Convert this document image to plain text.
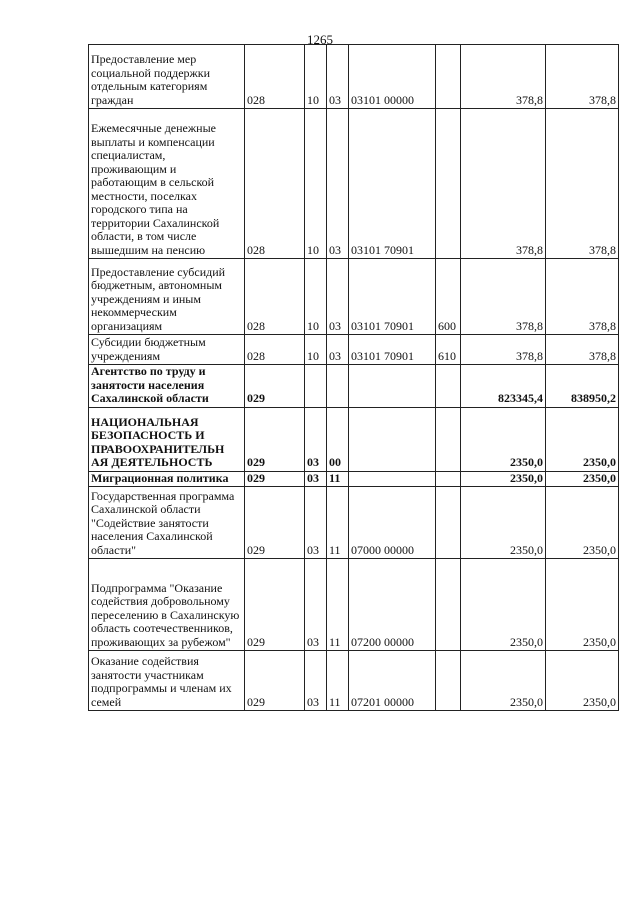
1265
Предоставление мер социальной поддержки отдельным категориям граждан	028	10	03	03101 00000		378,8	378,8
Ежемесячные денежные выплаты и компенсации специалистам, проживающим и работающим в сельской местности, поселках городского типа на территории Сахалинской области, в том числе вышедшим на пенсию	028	10	03	03101 70901		378,8	378,8
Предоставление субсидий бюджетным, автономным учреждениям и иным некоммерческим организациям	028	10	03	03101 70901	600	378,8	378,8
Субсидии бюджетным учреждениям	028	10	03	03101 70901	610	378,8	378,8
Агентство по труду и занятости населения Сахалинской области	029					823345,4	838950,2
НАЦИОНАЛЬНАЯ БЕЗОПАСНОСТЬ И ПРАВООХРАНИТЕЛЬН АЯ ДЕЯТЕЛЬНОСТЬ	029	03	00			2350,0	2350,0
Миграционная политика	029	03	11			2350,0	2350,0
Государственная программа Сахалинской области "Содействие занятости населения Сахалинской области"	029	03	11	07000 00000		2350,0	2350,0
Подпрограмма "Оказание содействия добровольному переселению в Сахалинскую область соотечественников, проживающих за рубежом"	029	03	11	07200 00000		2350,0	2350,0
Оказание содействия занятости участникам подпрограммы и членам их семей	029	03	11	07201 00000		2350,0	2350,0
